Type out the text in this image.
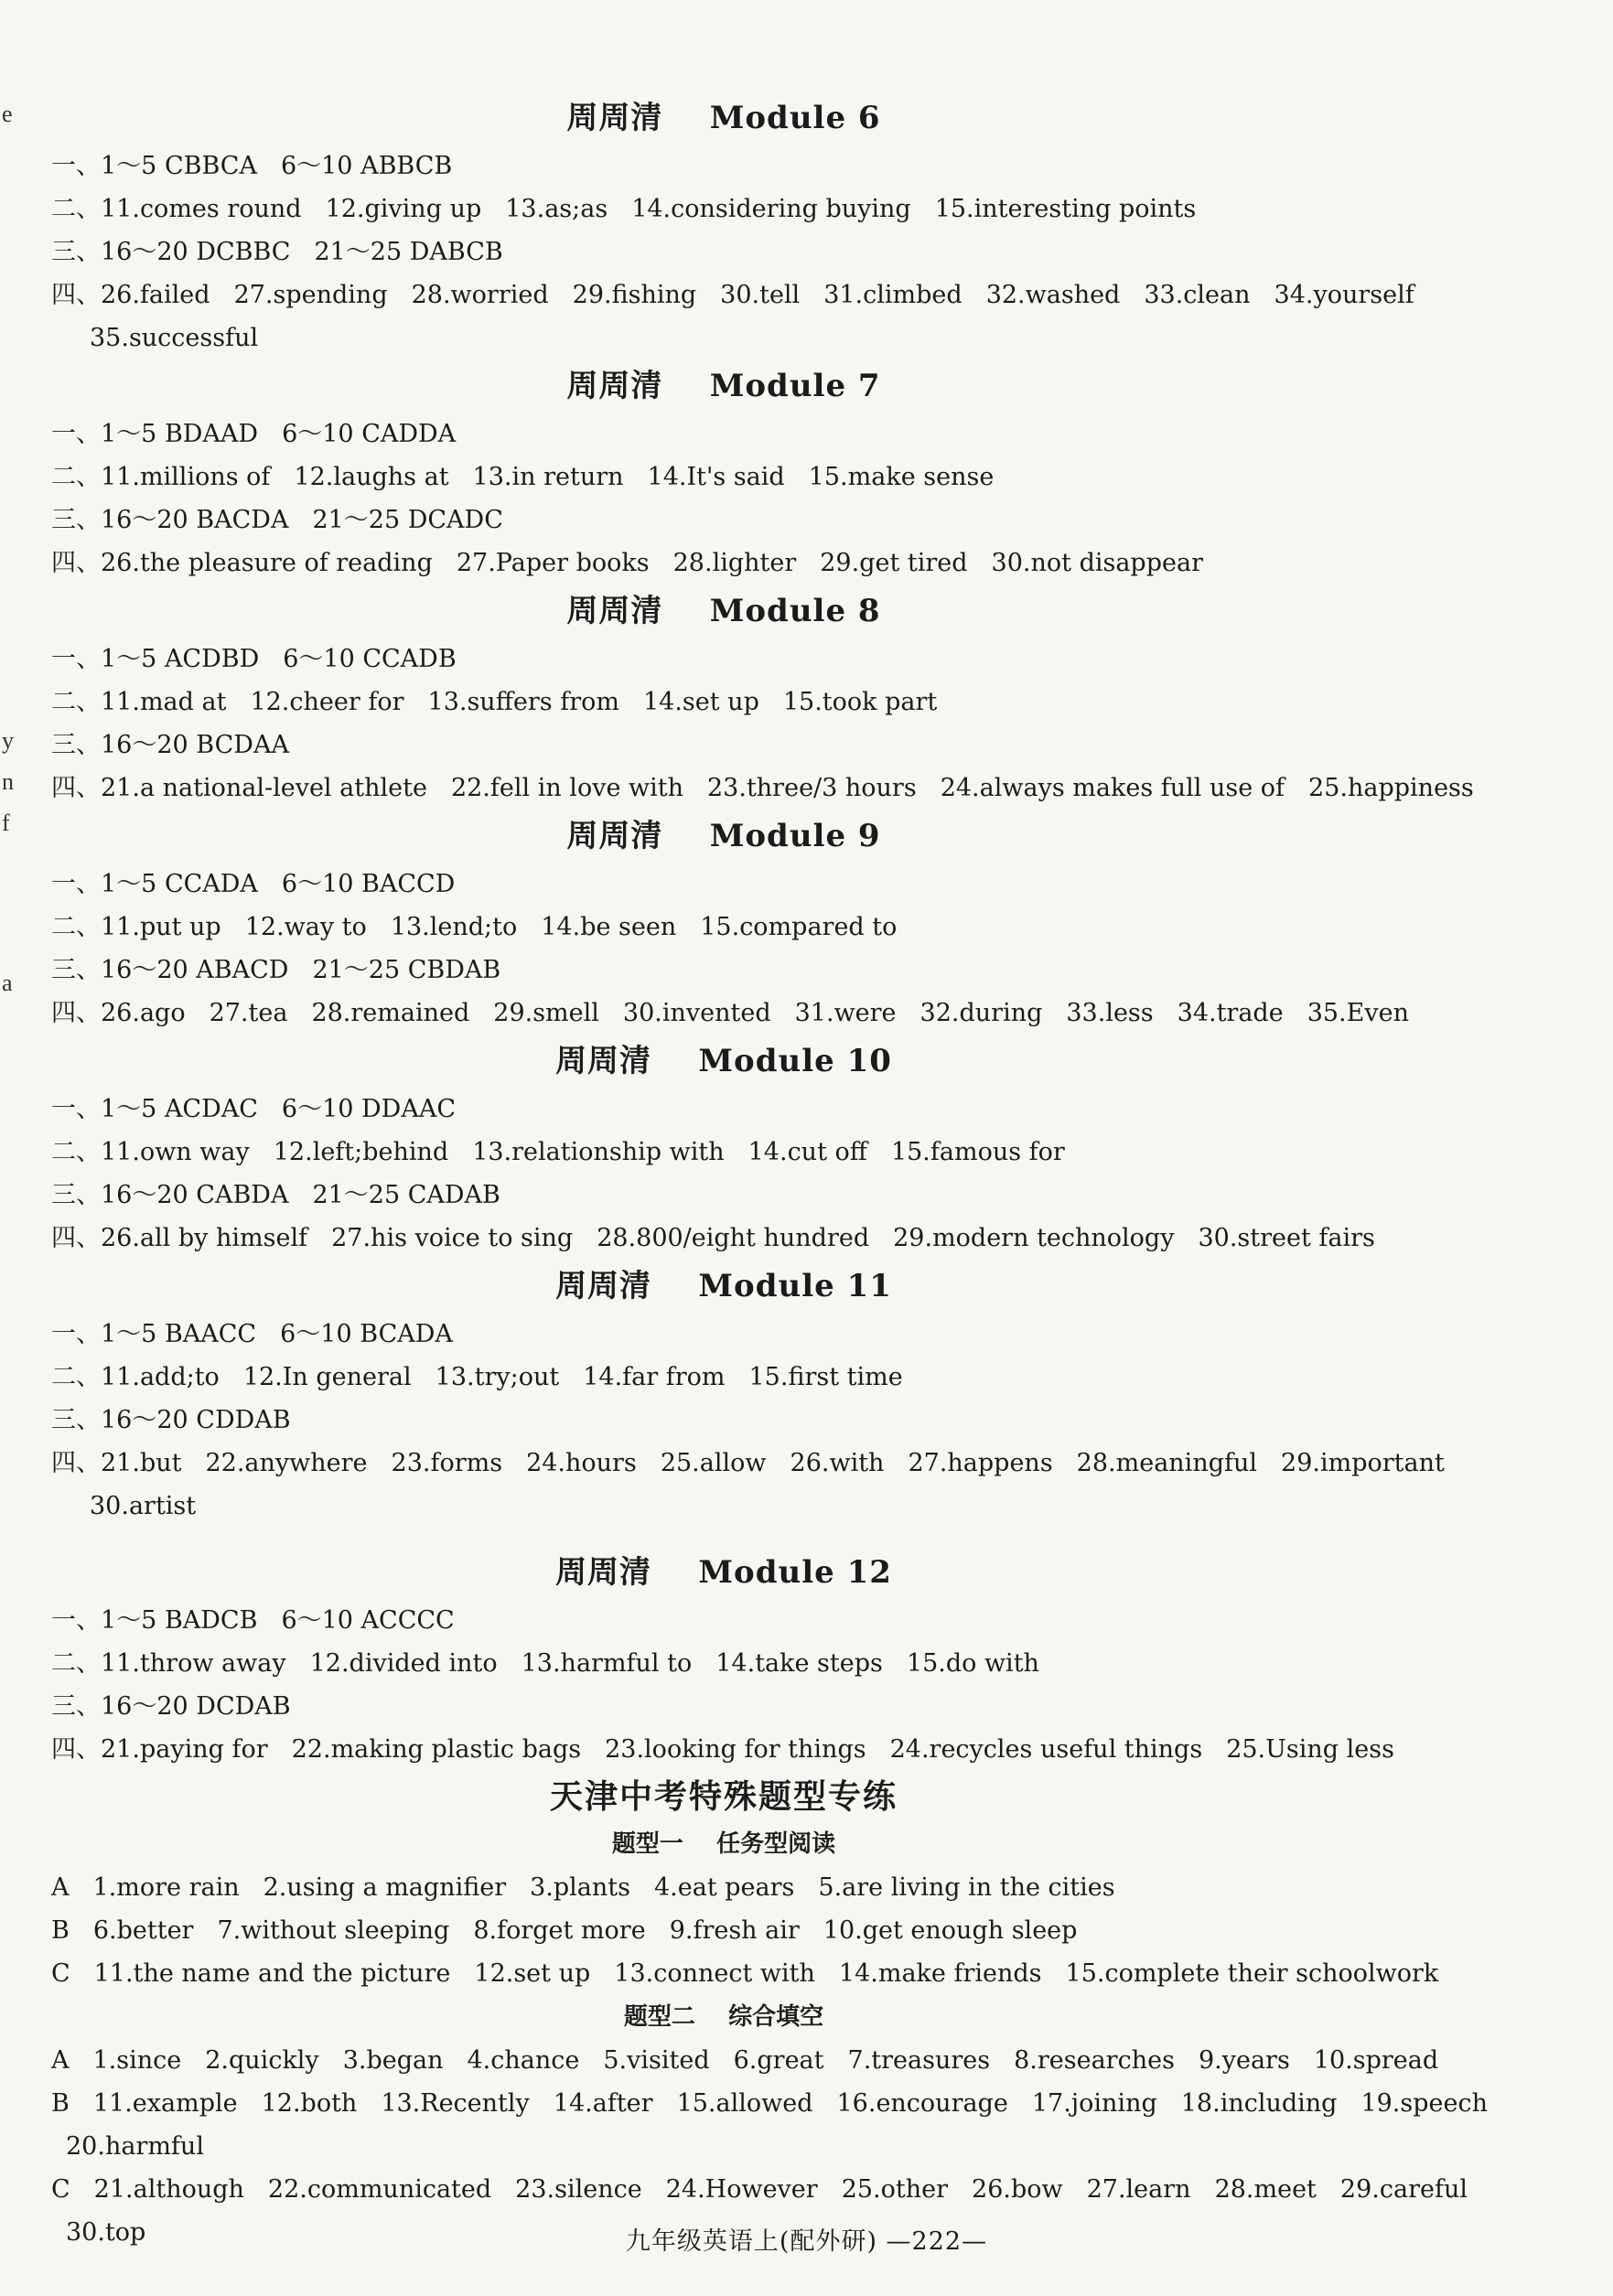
e
y
n
f
a
周周清    Module 6
一、1～5 CBBCA 6～10 ABBCB
二、11.comes round 12.giving up 13.as;as 14.considering buying 15.interesting points
三、16～20 DCBBC 21～25 DABCB
四、26.failed 27.spending 28.worried 29.fishing 30.tell 31.climbed 32.washed 33.clean 34.yourself
35.successful
周周清    Module 7
一、1～5 BDAAD 6～10 CADDA
二、11.millions of 12.laughs at 13.in return 14.It's said 15.make sense
三、16～20 BACDA 21～25 DCADC
四、26.the pleasure of reading 27.Paper books 28.lighter 29.get tired 30.not disappear
周周清    Module 8
一、1～5 ACDBD 6～10 CCADB
二、11.mad at 12.cheer for 13.suffers from 14.set up 15.took part
三、16～20 BCDAA
四、21.a national-level athlete 22.fell in love with 23.three/3 hours 24.always makes full use of 25.happiness
周周清    Module 9
一、1～5 CCADA 6～10 BACCD
二、11.put up 12.way to 13.lend;to 14.be seen 15.compared to
三、16～20 ABACD 21～25 CBDAB
四、26.ago 27.tea 28.remained 29.smell 30.invented 31.were 32.during 33.less 34.trade 35.Even
周周清    Module 10
一、1～5 ACDAC 6～10 DDAAC
二、11.own way 12.left;behind 13.relationship with 14.cut off 15.famous for
三、16～20 CABDA 21～25 CADAB
四、26.all by himself 27.his voice to sing 28.800/eight hundred 29.modern technology 30.street fairs
周周清    Module 11
一、1～5 BAACC 6～10 BCADA
二、11.add;to 12.In general 13.try;out 14.far from 15.first time
三、16～20 CDDAB
四、21.but 22.anywhere 23.forms 24.hours 25.allow 26.with 27.happens 28.meaningful 29.important
30.artist
周周清    Module 12
一、1～5 BADCB 6～10 ACCCC
二、11.throw away 12.divided into 13.harmful to 14.take steps 15.do with
三、16～20 DCDAB
四、21.paying for 22.making plastic bags 23.looking for things 24.recycles useful things 25.Using less
天津中考特殊题型专练
题型一    任务型阅读
A 1.more rain 2.using a magnifier 3.plants 4.eat pears 5.are living in the cities
B 6.better 7.without sleeping 8.forget more 9.fresh air 10.get enough sleep
C 11.the name and the picture 12.set up 13.connect with 14.make friends 15.complete their schoolwork
题型二    综合填空
A 1.since 2.quickly 3.began 4.chance 5.visited 6.great 7.treasures 8.researches 9.years 10.spread
B 11.example 12.both 13.Recently 14.after 15.allowed 16.encourage 17.joining 18.including 19.speech
20.harmful
C 21.although 22.communicated 23.silence 24.However 25.other 26.bow 27.learn 28.meet 29.careful
30.top	九年级英语上(配外研) —222—
